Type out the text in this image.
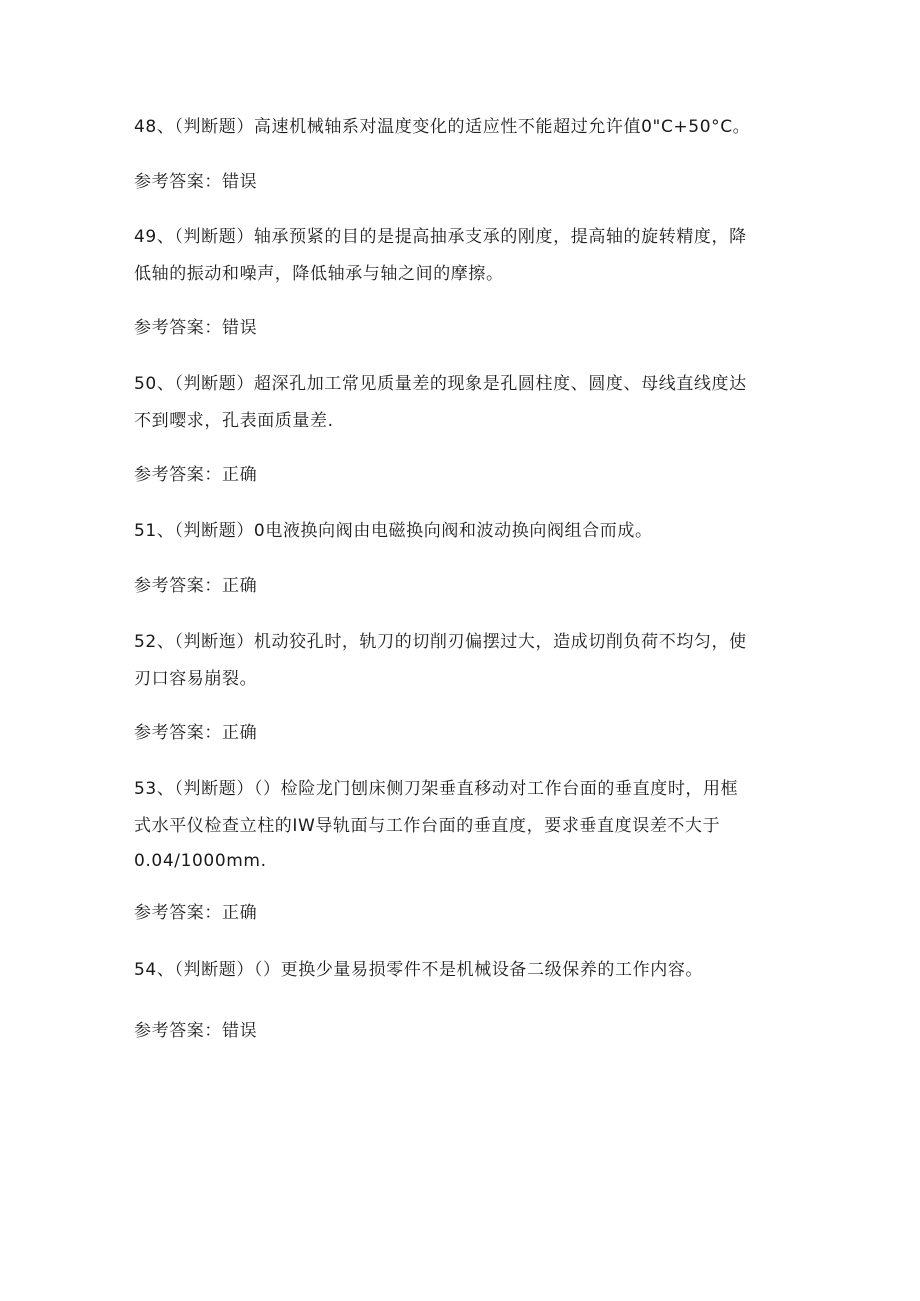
48、（判断题）高速机械轴系对温度变化的适应性不能超过允许值0"C+50°C。
参考答案：错误
49、（判断题）轴承预紧的目的是提高抽承支承的刚度，提高轴的旋转精度，降
低轴的振动和噪声，降低轴承与轴之间的摩擦。
参考答案：错误
50、（判断题）超深孔加工常见质量差的现象是孔圆柱度、圆度、母线直线度达
不到嘤求，孔表面质量差.
参考答案：正确
51、（判断题）0电液换向阀由电磁换向阀和波动换向阀组合而成。
参考答案：正确
52、（判断迤）机动狡孔时，轨刀的切削刃偏摆过大，造成切削负荷不均匀，使
刃口容易崩裂。
参考答案：正确
53、（判断题）（）检险龙门刨床侧刀架垂直移动对工作台面的垂直度时，用框
式水平仪检查立柱的IW导轨面与工作台面的垂直度，要求垂直度误差不大于
0.04/1000mm.
参考答案：正确
54、（判断题）（）更换少量易损零件不是机械设备二级保养的工作内容。
参考答案：错误
